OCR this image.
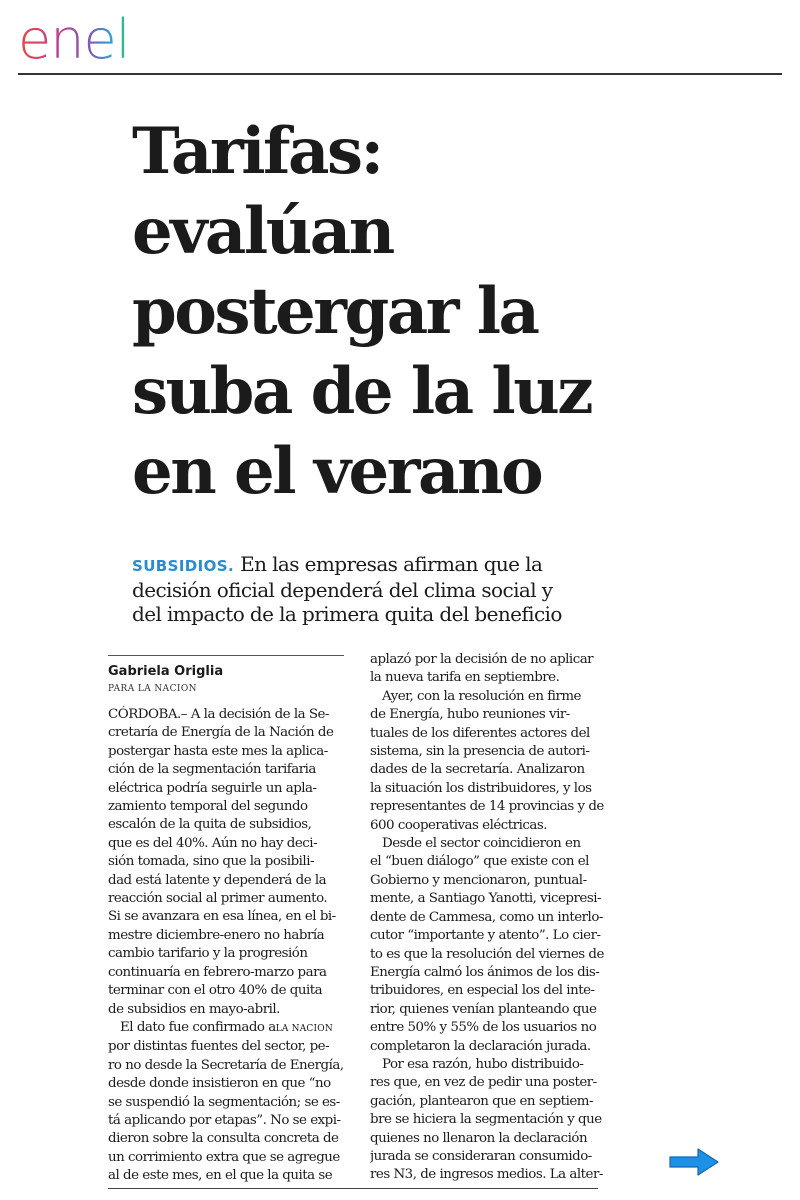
enel
Tarifas:
evalúan
postergar la
suba de la luz
en el verano

SUBSIDIOS. En las empresas afirman que la
decisión oficial dependerá del clima social y
del impacto de la primera quita del beneficio

Gabriela Origlia

PARA LA NACION

CÓRDOBA.– A la decisión de la Se-
cretaría de Energía de la Nación de
postergar hasta este mes la aplica-
ción de la segmentación tarifaria
eléctrica podría seguirle un apla-
zamiento temporal del segundo
escalón de la quita de subsidios,
que es del 40%. Aún no hay deci-
sión tomada, sino que la posibili-
dad está latente y dependerá de la
reacción social al primer aumento.
Si se avanzara en esa línea, en el bi-
mestre diciembre-enero no habría
cambio tarifario y la progresión
continuaría en febrero-marzo para
terminar con el otro 40% de quita
de subsidios en mayo-abril.
El dato fue confirmado aLA NACION
por distintas fuentes del sector, pe-
ro no desde la Secretaría de Energía,
desde donde insistieron en que “no
se suspendió la segmentación; se es-
tá aplicando por etapas”. No se expi-
dieron sobre la consulta concreta de
un corrimiento extra que se agregue
al de este mes, en el que la quita se
aplazó por la decisión de no aplicar
la nueva tarifa en septiembre.
Ayer, con la resolución en firme
de Energía, hubo reuniones vir-
tuales de los diferentes actores del
sistema, sin la presencia de autori-
dades de la secretaría. Analizaron
la situación los distribuidores, y los
representantes de 14 provincias y de
600 cooperativas eléctricas.
Desde el sector coincidieron en
el “buen diálogo” que existe con el
Gobierno y mencionaron, puntual-
mente, a Santiago Yanotti, vicepresi-
dente de Cammesa, como un interlo-
cutor “importante y atento”. Lo cier-
to es que la resolución del viernes de
Energía calmó los ánimos de los dis-
tribuidores, en especial los del inte-
rior, quienes venían planteando que
entre 50% y 55% de los usuarios no
completaron la declaración jurada.
Por esa razón, hubo distribuido-
res que, en vez de pedir una poster-
gación, plantearon que en septiem-
bre se hiciera la segmentación y que
quienes no llenaron la declaración
jurada se consideraran consumido-
res N3, de ingresos medios. La alter-
